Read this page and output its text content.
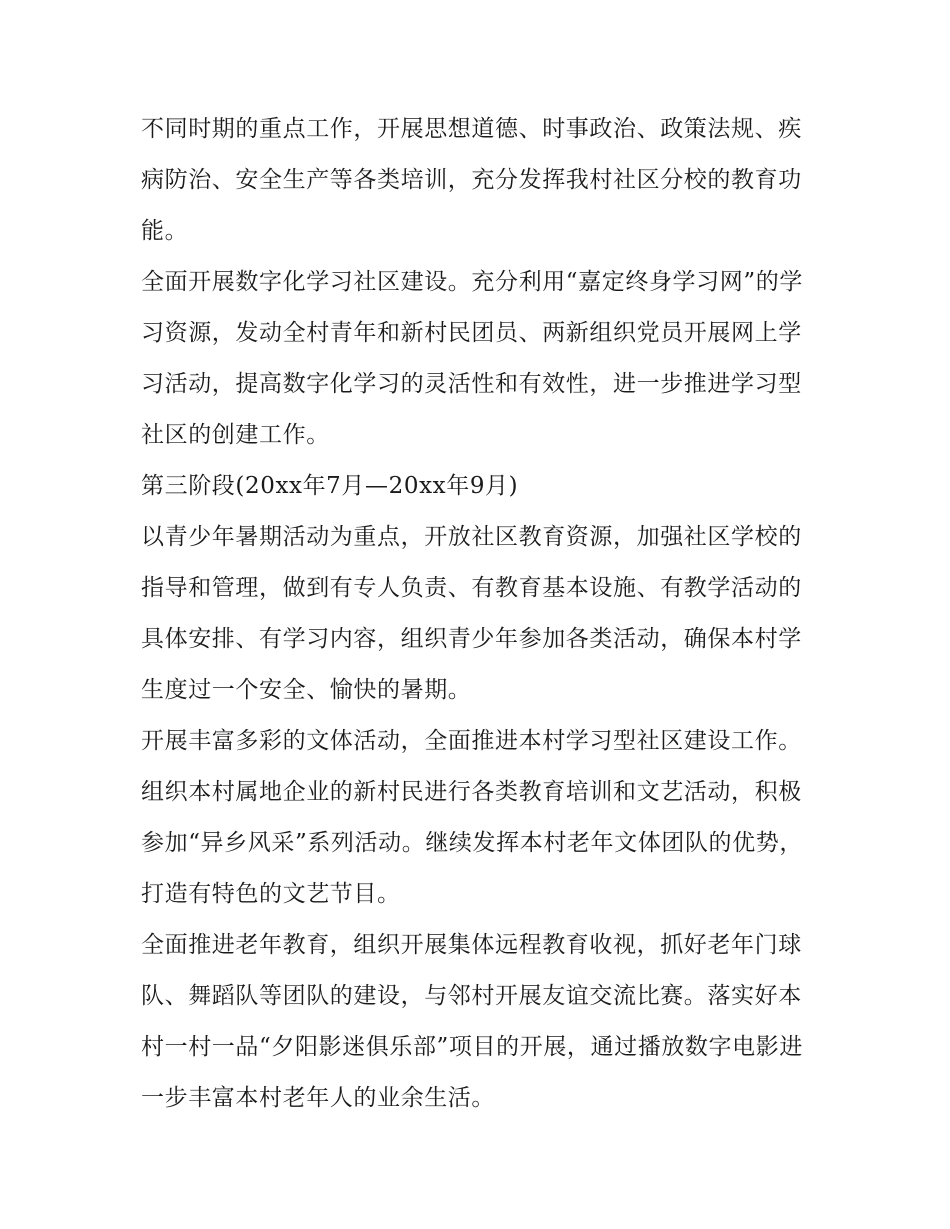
不同时期的重点工作，开展思想道德、时事政治、政策法规、疾病防治、安全生产等各类培训，充分发挥我村社区分校的教育功能。

全面开展数字化学习社区建设。充分利用“嘉定终身学习网”的学习资源，发动全村青年和新村民团员、两新组织党员开展网上学习活动，提高数字化学习的灵活性和有效性，进一步推进学习型社区的创建工作。

第三阶段(20xx年7月—20xx年9月)

以青少年暑期活动为重点，开放社区教育资源，加强社区学校的指导和管理，做到有专人负责、有教育基本设施、有教学活动的具体安排、有学习内容，组织青少年参加各类活动，确保本村学生度过一个安全、愉快的暑期。

开展丰富多彩的文体活动，全面推进本村学习型社区建设工作。组织本村属地企业的新村民进行各类教育培训和文艺活动，积极参加“异乡风采”系列活动。继续发挥本村老年文体团队的优势，打造有特色的文艺节目。

全面推进老年教育，组织开展集体远程教育收视，抓好老年门球队、舞蹈队等团队的建设，与邻村开展友谊交流比赛。落实好本村一村一品“夕阳影迷俱乐部”项目的开展，通过播放数字电影进一步丰富本村老年人的业余生活。
